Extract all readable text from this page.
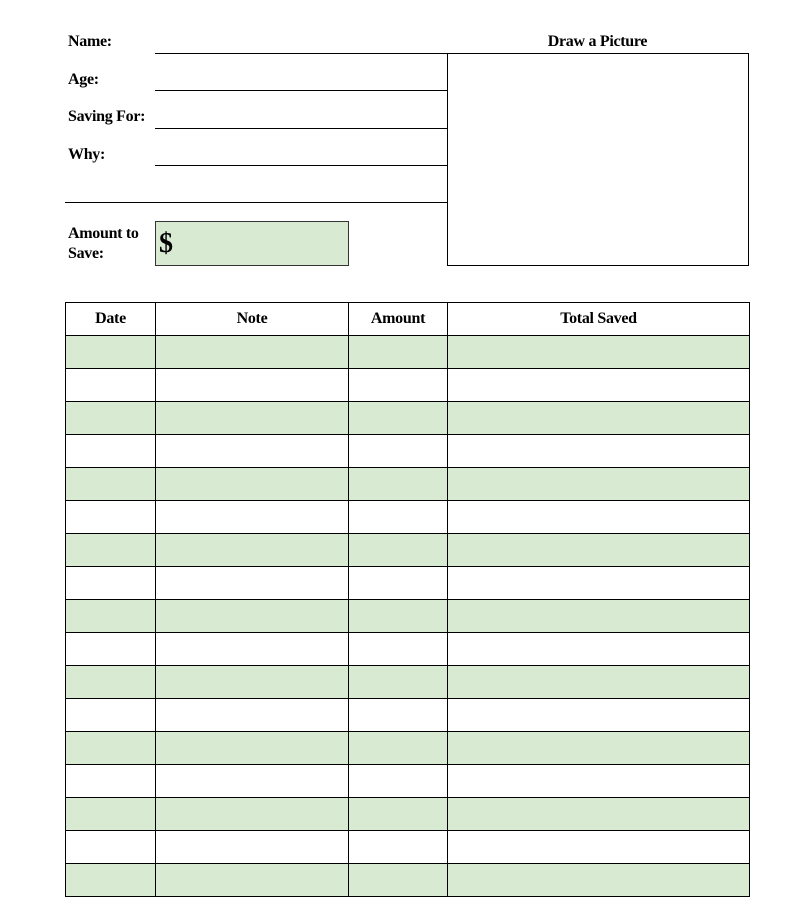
Name:
Age:
Saving For:
Why:
Amount to
Save:	$
Draw a Picture
Date	Note	Amount	Total Saved
